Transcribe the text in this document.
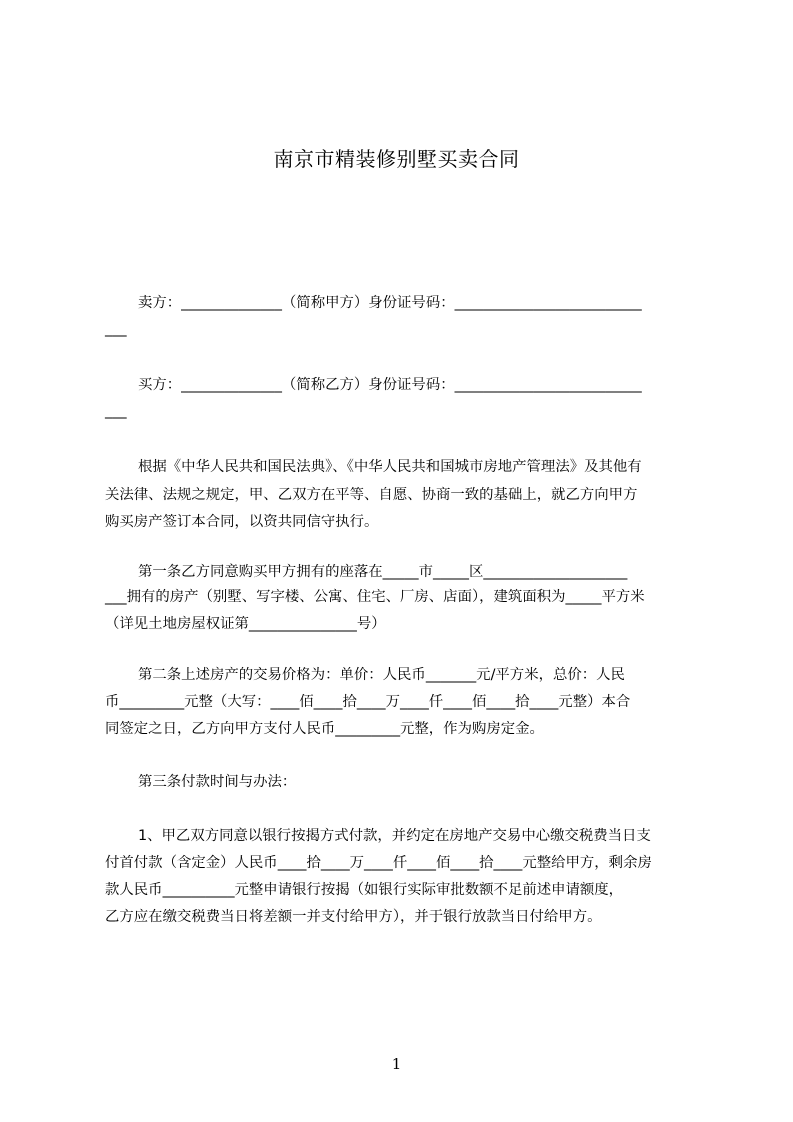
南京市精装修别墅买卖合同
卖方：______________（简称甲方）身份证号码：__________________________
___
买方：______________（简称乙方）身份证号码：__________________________
___
根据《中华人民共和国民法典》、《中华人民共和国城市房地产管理法》及其他有
关法律、法规之规定，甲、乙双方在平等、自愿、协商一致的基础上，就乙方向甲方
购买房产签订本合同，以资共同信守执行。
第一条乙方同意购买甲方拥有的座落在_____市_____区____________________
___拥有的房产（别墅、写字楼、公寓、住宅、厂房、店面），建筑面积为_____平方米
（详见土地房屋权证第_______________号）
第二条上述房产的交易价格为：单价：人民币_______元/平方米，总价：人民
币_________元整（大写：____佰____拾____万____仟____佰____拾____元整）本合
同签定之日，乙方向甲方支付人民币_________元整，作为购房定金。
第三条付款时间与办法：
1、甲乙双方同意以银行按揭方式付款，并约定在房地产交易中心缴交税费当日支
付首付款（含定金）人民币____拾____万____仟____佰____拾____元整给甲方，剩余房
款人民币__________元整申请银行按揭（如银行实际审批数额不足前述申请额度，
乙方应在缴交税费当日将差额一并支付给甲方），并于银行放款当日付给甲方。
1
